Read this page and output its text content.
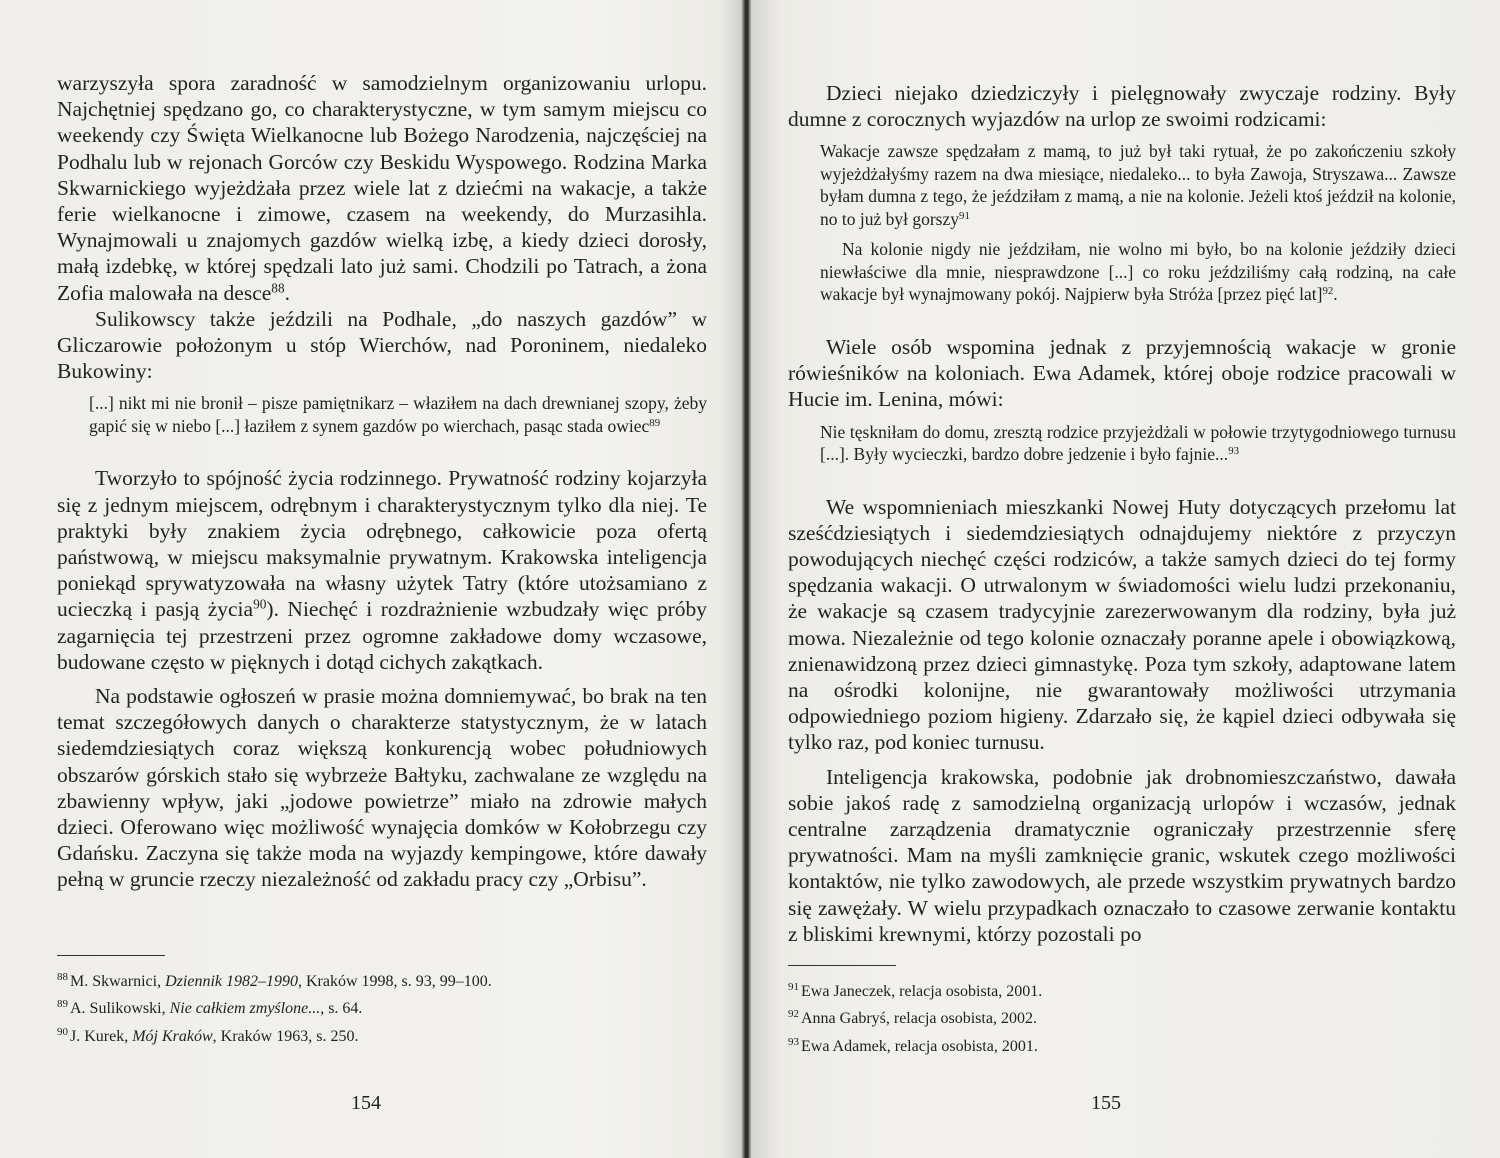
warzyszyła spora zaradność w samodzielnym organizowaniu urlopu. Najchętniej spędzano go, co charakterystyczne, w tym samym miejscu co weekendy czy Święta Wielkanocne lub Bożego Narodzenia, najczęściej na Podhalu lub w rejonach Gorców czy Beskidu Wyspowego. Rodzina Marka Skwarnickiego wyjeżdżała przez wiele lat z dziećmi na wakacje, a także ferie wielkanocne i zimowe, czasem na weekendy, do Murzasihla. Wynajmowali u znajomych gazdów wielką izbę, a kiedy dzieci dorosły, małą izdebkę, w której spędzali lato już sami. Chodzili po Tatrach, a żona Zofia malowała na desce$^{88}$.

Sulikowscy także jeździli na Podhale, „do naszych gazdów” w Gliczarowie położonym u stóp Wierchów, nad Poroninem, niedaleko Bukowiny:

[...] nikt mi nie bronił – pisze pamiętnikarz – właziłem na dach drewnianej szopy, żeby gapić się w niebo [...] łaziłem z synem gazdów po wierchach, pasąc stada owiec$^{89}$

Tworzyło to spójność życia rodzinnego. Prywatność rodziny kojarzyła się z jednym miejscem, odrębnym i charakterystycznym tylko dla niej. Te praktyki były znakiem życia odrębnego, całkowicie poza ofertą państwową, w miejscu maksymalnie prywatnym. Krakowska inteligencja poniekąd sprywatyzowała na własny użytek Tatry (które utożsamiano z ucieczką i pasją życia$^{90}$). Niechęć i rozdrażnienie wzbudzały więc próby zagarnięcia tej przestrzeni przez ogromne zakładowe domy wczasowe, budowane często w pięknych i dotąd cichych zakątkach.

Na podstawie ogłoszeń w prasie można domniemywać, bo brak na ten temat szczegółowych danych o charakterze statystycznym, że w latach siedemdziesiątych coraz większą konkurencją wobec południowych obszarów górskich stało się wybrzeże Bałtyku, zachwalane ze względu na zbawienny wpływ, jaki „jodowe powietrze” miało na zdrowie małych dzieci. Oferowano więc możliwość wynajęcia domków w Kołobrzegu czy Gdańsku. Zaczyna się także moda na wyjazdy kempingowe, które dawały pełną w gruncie rzeczy niezależność od zakładu pracy czy „Orbisu”.

$^{88}$ M. Skwarnici, Dziennik 1982–1990, Kraków 1998, s. 93, 99–100.

$^{89}$ A. Sulikowski, Nie całkiem zmyślone..., s. 64.

$^{90}$ J. Kurek, Mój Kraków, Kraków 1963, s. 250.

154

Dzieci niejako dziedziczyły i pielęgnowały zwyczaje rodziny. Były dumne z corocznych wyjazdów na urlop ze swoimi rodzicami:

Wakacje zawsze spędzałam z mamą, to już był taki rytuał, że po zakończeniu szkoły wyjeżdżałyśmy razem na dwa miesiące, niedaleko... to była Zawoja, Stryszawa... Zawsze byłam dumna z tego, że jeździłam z mamą, a nie na kolonie. Jeżeli ktoś jeździł na kolonie, no to już był gorszy$^{91}$

Na kolonie nigdy nie jeździłam, nie wolno mi było, bo na kolonie jeździły dzieci niewłaściwe dla mnie, niesprawdzone [...] co roku jeździliśmy całą rodziną, na całe wakacje był wynajmowany pokój. Najpierw była Stróża [przez pięć lat]$^{92}$.

Wiele osób wspomina jednak z przyjemnością wakacje w gronie rówieśników na koloniach. Ewa Adamek, której oboje rodzice pracowali w Hucie im. Lenina, mówi:

Nie tęskniłam do domu, zresztą rodzice przyjeżdżali w połowie trzytygodniowego turnusu [...]. Były wycieczki, bardzo dobre jedzenie i było fajnie...$^{93}$

We wspomnieniach mieszkanki Nowej Huty dotyczących przełomu lat sześćdziesiątych i siedemdziesiątych odnajdujemy niektóre z przyczyn powodujących niechęć części rodziców, a także samych dzieci do tej formy spędzania wakacji. O utrwalonym w świadomości wielu ludzi przekonaniu, że wakacje są czasem tradycyjnie zarezerwowanym dla rodziny, była już mowa. Niezależnie od tego kolonie oznaczały poranne apele i obowiązkową, znienawidzoną przez dzieci gimnastykę. Poza tym szkoły, adaptowane latem na ośrodki kolonijne, nie gwarantowały możliwości utrzymania odpowiedniego poziom higieny. Zdarzało się, że kąpiel dzieci odbywała się tylko raz, pod koniec turnusu.

Inteligencja krakowska, podobnie jak drobnomieszczaństwo, dawała sobie jakoś radę z samodzielną organizacją urlopów i wczasów, jednak centralne zarządzenia dramatycznie ograniczały przestrzennie sferę prywatności. Mam na myśli zamknięcie granic, wskutek czego możliwości kontaktów, nie tylko zawodowych, ale przede wszystkim prywatnych bardzo się zawężały. W wielu przypadkach oznaczało to czasowe zerwanie kontaktu z bliskimi krewnymi, którzy pozostali po

$^{91}$ Ewa Janeczek, relacja osobista, 2001.

$^{92}$ Anna Gabryś, relacja osobista, 2002.

$^{93}$ Ewa Adamek, relacja osobista, 2001.

155
